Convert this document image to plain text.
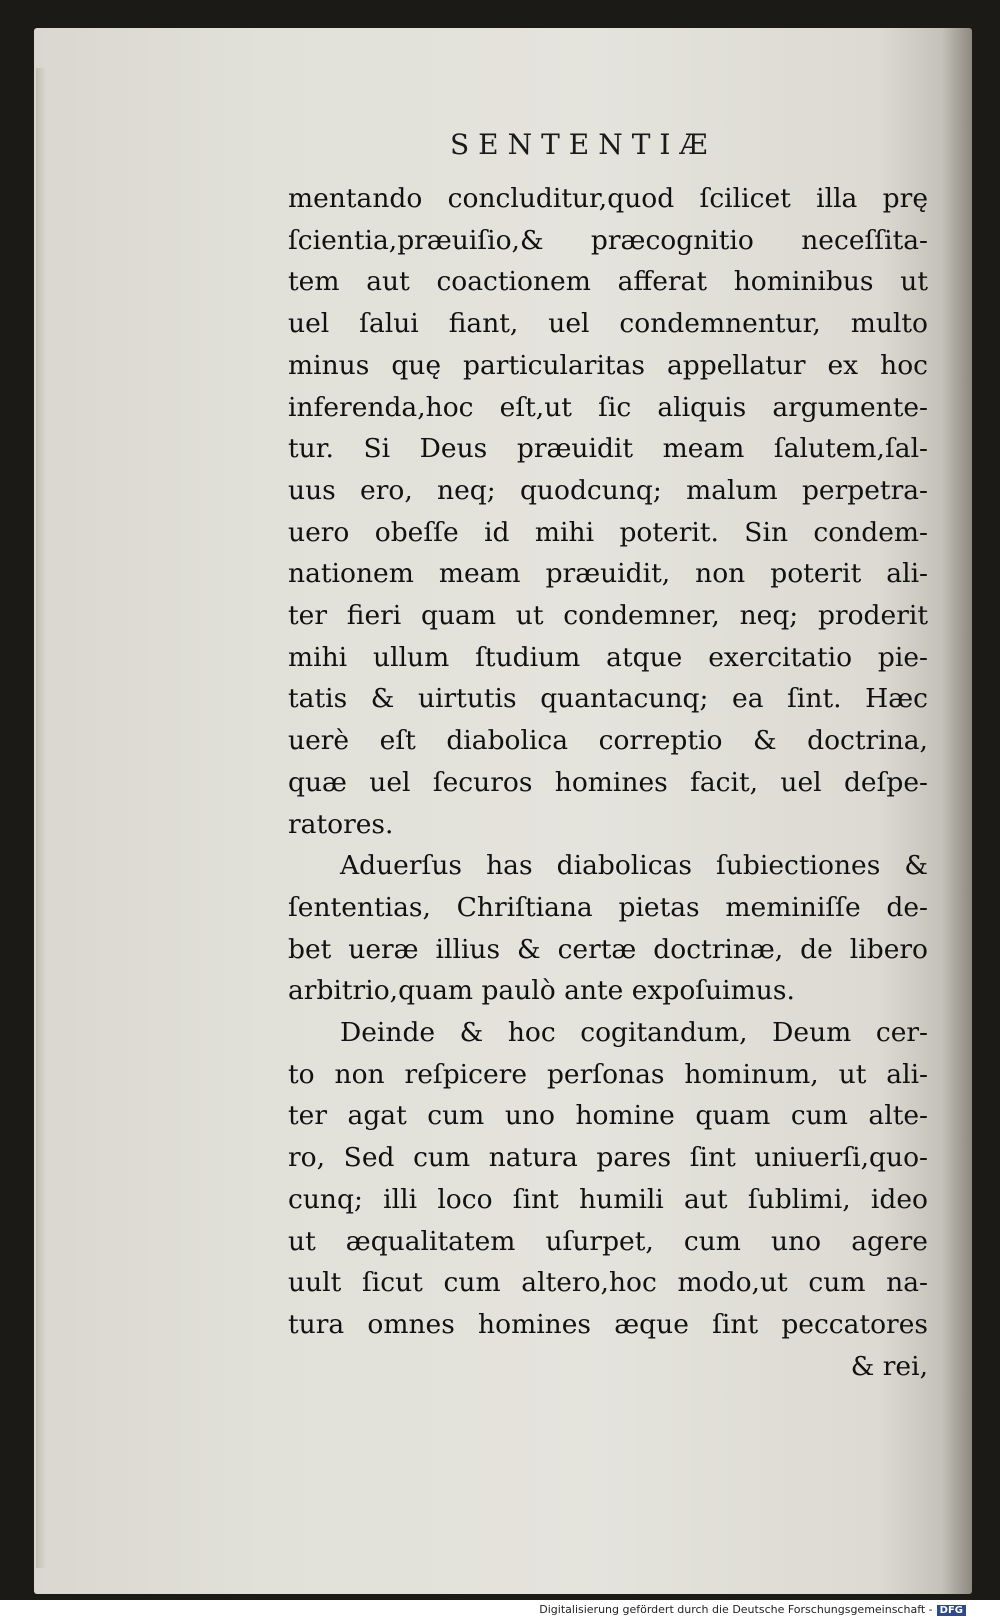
SENTENTIÆ
mentando concluditur,quod ſcilicet illa prę
ſcientia,præuiſio,& præcognitio neceſſita-
tem aut coactionem afferat hominibus ut
uel ſalui fiant, uel condemnentur, multo
minus quę particularitas appellatur ex hoc
inferenda,hoc eſt,ut ſic aliquis argumente-
tur. Si Deus præuidit meam ſalutem,ſal-
uus ero, neq; quodcunq; malum perpetra-
uero obeſſe id mihi poterit. Sin condem-
nationem meam præuidit, non poterit ali-
ter fieri quam ut condemner, neq; proderit
mihi ullum ſtudium atque exercitatio pie-
tatis & uirtutis quantacunq; ea ſint. Hæc
uerè eſt diabolica correptio & doctrina,
quæ uel ſecuros homines facit, uel deſpe-
ratores.
Aduerſus has diabolicas ſubiectiones &
ſententias, Chriſtiana pietas meminiſſe de-
bet ueræ illius & certæ doctrinæ, de libero
arbitrio,quam paulò ante expoſuimus.
Deinde & hoc cogitandum, Deum cer-
to non reſpicere perſonas hominum, ut ali-
ter agat cum uno homine quam cum alte-
ro, Sed cum natura pares ſint uniuerſi,quo-
cunq; illi loco ſint humili aut ſublimi, ideo
ut æqualitatem uſurpet, cum uno agere
uult ſicut cum altero,hoc modo,ut cum na-
tura omnes homines æque ſint peccatores
& rei,
Digitalisierung gefördert durch die Deutsche Forschungsgemeinschaft - DFG
